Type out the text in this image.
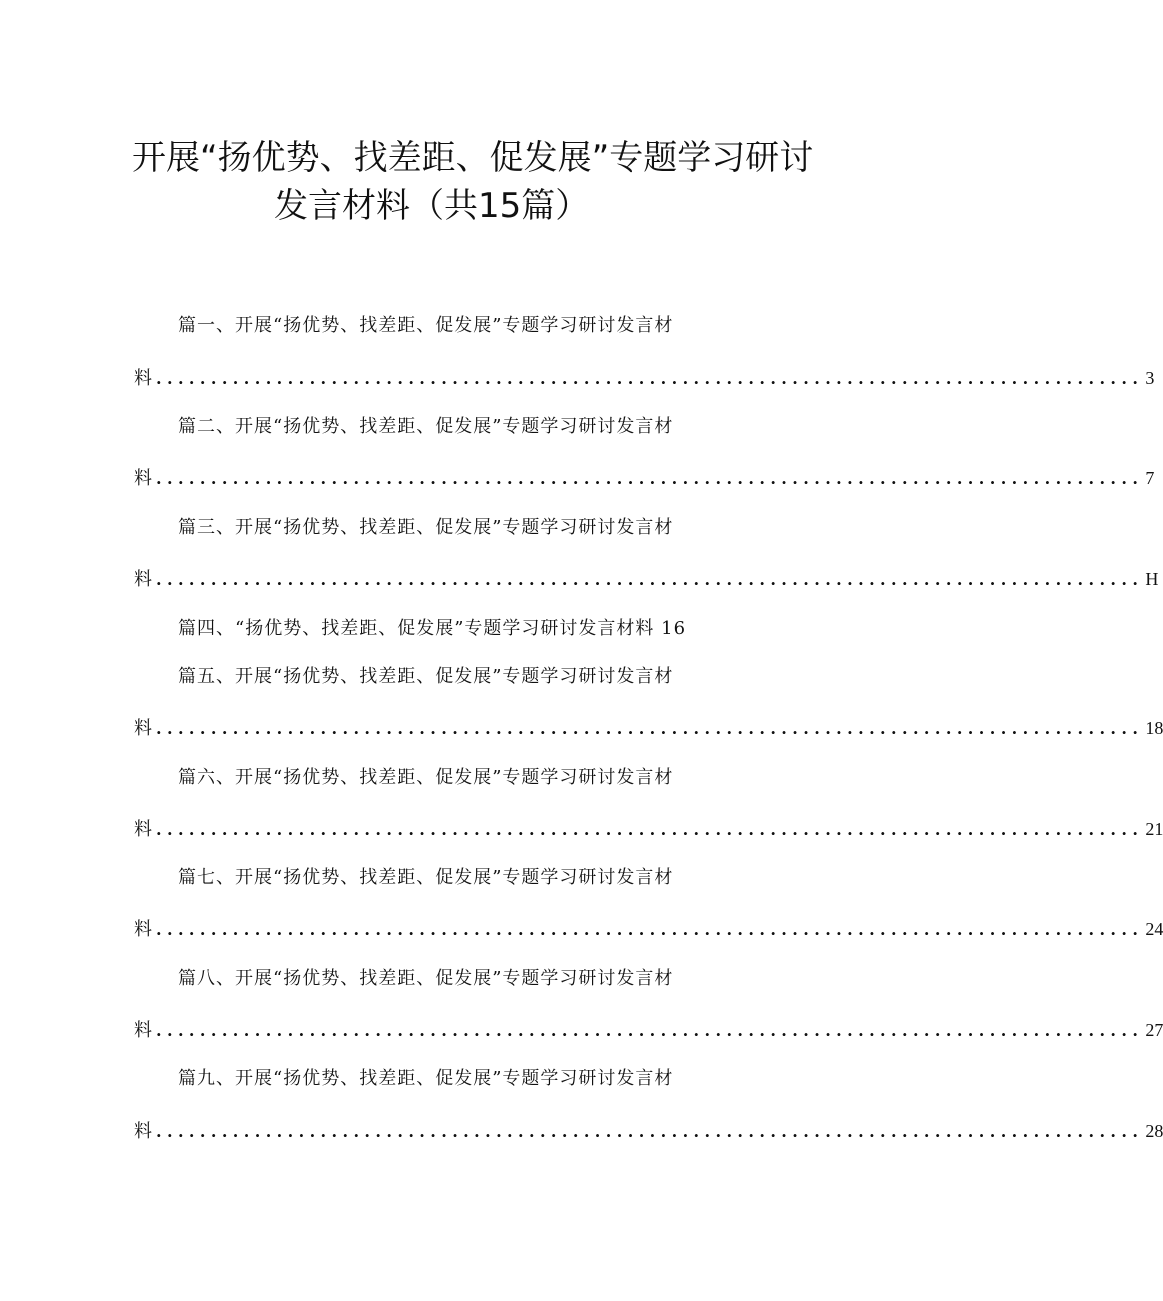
开展“扬优势、找差距、促发展”专题学习研讨
发言材料（共15篇）
篇一、开展“扬优势、找差距、促发展”专题学习研讨发言材
料 .......................................................................................... 3
篇二、开展“扬优势、找差距、促发展”专题学习研讨发言材
料 .......................................................................................... 7
篇三、开展“扬优势、找差距、促发展”专题学习研讨发言材
料 .......................................................................................... H
篇四、“扬优势、找差距、促发展”专题学习研讨发言材料 16
篇五、开展“扬优势、找差距、促发展”专题学习研讨发言材
料 .......................................................................................... 18
篇六、开展“扬优势、找差距、促发展”专题学习研讨发言材
料 .......................................................................................... 21
篇七、开展“扬优势、找差距、促发展”专题学习研讨发言材
料 .......................................................................................... 24
篇八、开展“扬优势、找差距、促发展”专题学习研讨发言材
料 .......................................................................................... 27
篇九、开展“扬优势、找差距、促发展”专题学习研讨发言材
料 .......................................................................................... 28
